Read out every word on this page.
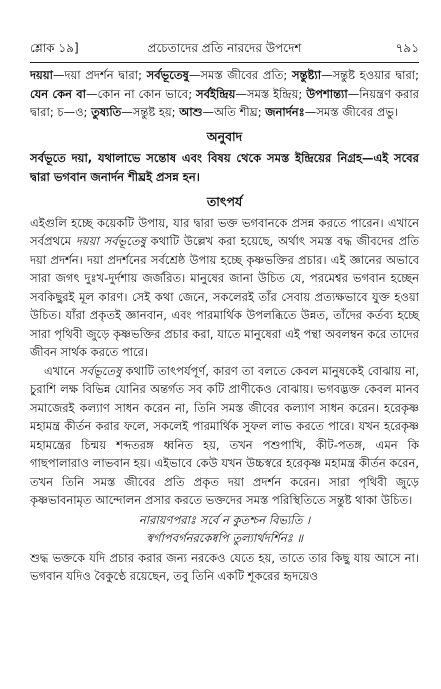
শ্লোক ১৯]	প্রচেতাদের প্রতি নারদের উপদেশ	৭৯১

দয়য়া—দয়া প্রদর্শন দ্বারা; সর্বভূতেষু—সমস্ত জীবের প্রতি; সন্তুষ্ট্যা—সন্তুষ্ট হওয়ার দ্বারা; যেন কেন বা—কোন না কোন ভাবে; সর্বইন্দ্রিয়—সমস্ত ইন্দ্রিয়; উপশান্ত্যা—নিয়ন্ত্রণ করার দ্বারা; চ—ও; তুষ্যতি—সন্তুষ্ট হয়; আশু—অতি শীঘ্র; জনার্দনঃ—সমস্ত জীবের প্রভু।

অনুবাদ

সর্বভূতে দয়া, যথালাভে সন্তোষ এবং বিষয় থেকে সমস্ত ইন্দ্রিয়ের নিগ্রহ—এই সবের দ্বারা ভগবান জনার্দন শীঘ্রই প্রসন্ন হন।

তাৎপর্য

এইগুলি হচ্ছে কয়েকটি উপায়, যার দ্বারা ভক্ত ভগবানকে প্রসন্ন করতে পারেন। এখানে সর্বপ্রথমে দয়য়া সর্বভূতেষু কথাটি উল্লেখ করা হয়েছে, অর্থাৎ সমস্ত বদ্ধ জীবদের প্রতি দয়া প্রদর্শন। দয়া প্রদর্শনের সর্বশ্রেষ্ঠ উপায় হচ্ছে কৃষ্ণভক্তির প্রচার। এই জ্ঞানের অভাবে সারা জগৎ দুঃখ-দুর্দশায় জর্জরিত। মানুষের জানা উচিত যে, পরমেশ্বর ভগবান হচ্ছেন সবকিছুরই মূল কারণ। সেই কথা জেনে, সকলেরই তাঁর সেবায় প্রত্যক্ষভাবে যুক্ত হওয়া উচিত। যাঁরা প্রকৃতই জ্ঞানবান, এবং পারমার্থিক উপলব্ধিতে উন্নত, তাঁদের কর্তব্য হচ্ছে সারা পৃথিবী জুড়ে কৃষ্ণভক্তির প্রচার করা, যাতে মানুষেরা এই পন্থা অবলম্বন করে তাদের জীবন সার্থক করতে পারে।

এখানে সর্বভূতেষু কথাটি তাৎপর্যপূর্ণ, কারণ তা বলতে কেবল মানুষকেই বোঝায় না, চুরাশি লক্ষ বিভিন্ন যোনির অন্তর্গত সব কটি প্রাণীকেও বোঝায়। ভগবদ্ভক্ত কেবল মানব সমাজেরই কল্যাণ সাধন করেন না, তিনি সমস্ত জীবের কল্যাণ সাধন করেন। হরেকৃষ্ণ মহামন্ত্র কীর্তন করার ফলে, সকলেই পারমার্থিক সুফল লাভ করতে পারে। যখন হরেকৃষ্ণ মহামন্ত্রের চিন্ময় শব্দতরঙ্গ ধ্বনিত হয়, তখন পশুপাখি, কীট-পতঙ্গ, এমন কি গাছপালারাও লাভবান হয়। এইভাবে কেউ যখন উচ্চস্বরে হরেকৃষ্ণ মহামন্ত্র কীর্তন করেন, তখন তিনি সমস্ত জীবের প্রতি প্রকৃত দয়া প্রদর্শন করেন। সারা পৃথিবী জুড়ে কৃষ্ণভাবনামৃত আন্দোলন প্রসার করতে ভক্তদের সমস্ত পরিস্থিতিতে সন্তুষ্ট থাকা উচিত।

নারায়ণপরাঃ সর্বে ন কুতশ্চন বিভ্যতি ।
স্বর্গাপবর্গনরকেষ্বপি তুল্যার্থদর্শিনঃ ॥

শুদ্ধ ভক্তকে যদি প্রচার করার জন্য নরকেও যেতে হয়, তাতে তার কিছু যায় আসে না। ভগবান যদিও বৈকুণ্ঠে রয়েছেন, তবু তিনি একটি শূকরের হৃদয়েও
